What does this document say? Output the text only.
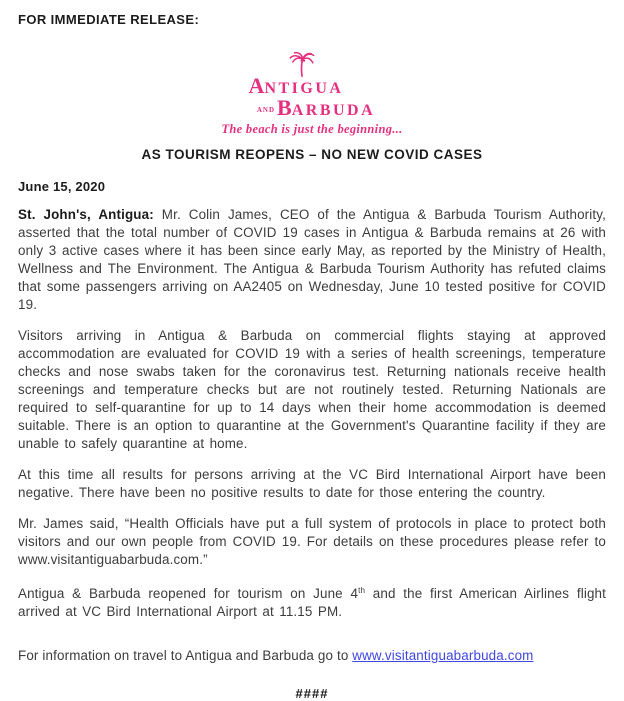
FOR IMMEDIATE RELEASE:
ANTIGUA
ANDBARBUDA
The beach is just the beginning...
AS TOURISM REOPENS – NO NEW COVID CASES
June 15, 2020

St. John's, Antigua: Mr. Colin James, CEO of the Antigua & Barbuda Tourism Authority, asserted that the total number of COVID 19 cases in Antigua & Barbuda remains at 26 with only 3 active cases where it has been since early May, as reported by the Ministry of Health, Wellness and The Environment. The Antigua & Barbuda Tourism Authority has refuted claims that some passengers arriving on AA2405 on Wednesday, June 10 tested positive for COVID 19.

Visitors arriving in Antigua & Barbuda on commercial flights staying at approved accommodation are evaluated for COVID 19 with a series of health screenings, temperature checks and nose swabs taken for the coronavirus test. Returning nationals receive health screenings and temperature checks but are not routinely tested. Returning Nationals are required to self-quarantine for up to 14 days when their home accommodation is deemed suitable. There is an option to quarantine at the Government's Quarantine facility if they are unable to safely quarantine at home.

At this time all results for persons arriving at the VC Bird International Airport have been negative. There have been no positive results to date for those entering the country.

Mr. James said, “Health Officials have put a full system of protocols in place to protect both visitors and our own people from COVID 19. For details on these procedures please refer to www.visitantiguabarbuda.com.”

Antigua & Barbuda reopened for tourism on June 4th and the first American Airlines flight arrived at VC Bird International Airport at 11.15 PM.

For information on travel to Antigua and Barbuda go to www.visitantiguabarbuda.com
####
